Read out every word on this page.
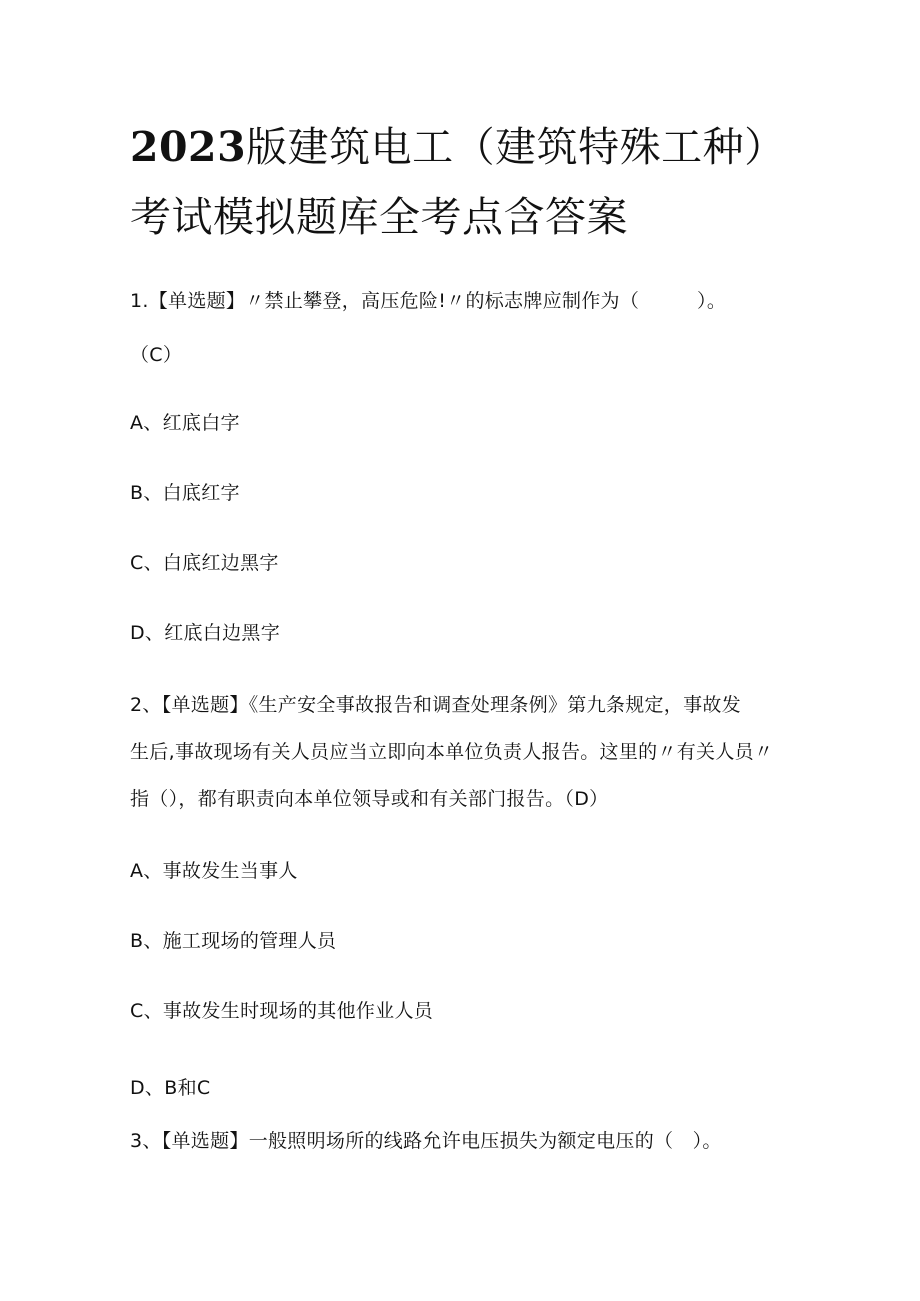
2023版建筑电工（建筑特殊工种）
考试模拟题库全考点含答案
1.【单选题】〃禁止攀登，高压危险!〃的标志牌应制作为（　　　）。
（C）
A、红底白字
B、白底红字
C、白底红边黑字
D、红底白边黑字
2、【单选题】《生产安全事故报告和调查处理条例》第九条规定，事故发
生后,事故现场有关人员应当立即向本单位负责人报告。这里的〃有关人员〃
指（），都有职责向本单位领导或和有关部门报告。（D）
A、事故发生当事人
B、施工现场的管理人员
C、事故发生时现场的其他作业人员
D、B和C
3、【单选题】一般照明场所的线路允许电压损失为额定电压的（　）。
